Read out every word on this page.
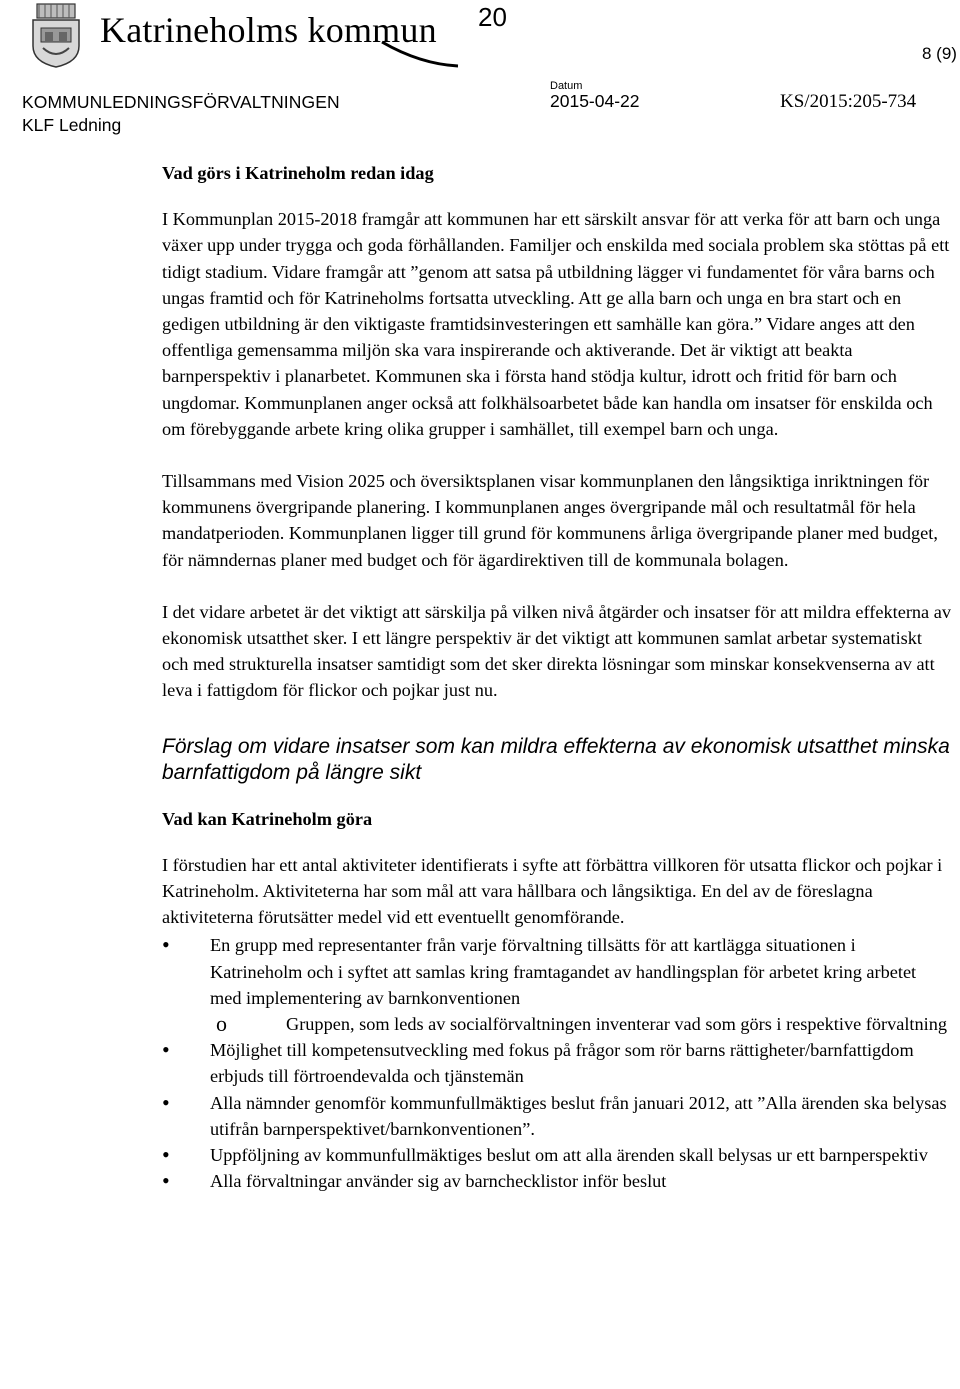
Katrineholms kommun 20
8 (9)
KOMMUNLEDNINGSFÖRVALTNINGEN
KLF Ledning
Datum
2015-04-22	KS/2015:205-734

Vad görs i Katrineholm redan idag

I Kommunplan 2015-2018 framgår att kommunen har ett särskilt ansvar för att verka för att barn och unga växer upp under trygga och goda förhållanden. Familjer och enskilda med sociala problem ska stöttas på ett tidigt stadium. Vidare framgår att ”genom att satsa på utbildning lägger vi fundamentet för våra barns och ungas framtid och för Katrineholms fortsatta utveckling. Att ge alla barn och unga en bra start och en gedigen utbildning är den viktigaste framtidsinvesteringen ett samhälle kan göra.” Vidare anges att den offentliga gemensamma miljön ska vara inspirerande och aktiverande. Det är viktigt att beakta barnperspektiv i planarbetet. Kommunen ska i första hand stödja kultur, idrott och fritid för barn och ungdomar. Kommunplanen anger också att folkhälsoarbetet både kan handla om insatser för enskilda och om förebyggande arbete kring olika grupper i samhället, till exempel barn och unga.

Tillsammans med Vision 2025 och översiktsplanen visar kommunplanen den långsiktiga inriktningen för kommunens övergripande planering. I kommunplanen anges övergripande mål och resultatmål för hela mandatperioden. Kommunplanen ligger till grund för kommunens årliga övergripande planer med budget, för nämndernas planer med budget och för ägardirektiven till de kommunala bolagen.

I det vidare arbetet är det viktigt att särskilja på vilken nivå åtgärder och insatser för att mildra effekterna av ekonomisk utsatthet sker. I ett längre perspektiv är det viktigt att kommunen samlat arbetar systematiskt och med strukturella insatser samtidigt som det sker direkta lösningar som minskar konsekvenserna av att leva i fattigdom för flickor och pojkar just nu.

Förslag om vidare insatser som kan mildra effekterna av ekonomisk utsatthet minska barnfattigdom på längre sikt

Vad kan Katrineholm göra

I förstudien har ett antal aktiviteter identifierats i syfte att förbättra villkoren för utsatta flickor och pojkar i Katrineholm. Aktiviteterna har som mål att vara hållbara och långsiktiga. En del av de föreslagna aktiviteterna förutsätter medel vid ett eventuellt genomförande.

• En grupp med representanter från varje förvaltning tillsätts för att kartlägga situationen i Katrineholm och i syftet att samlas kring framtagandet av handlingsplan för arbetet kring arbetet med implementering av barnkonventionen
o Gruppen, som leds av socialförvaltningen inventerar vad som görs i respektive förvaltning
• Möjlighet till kompetensutveckling med fokus på frågor som rör barns rättigheter/barnfattigdom erbjuds till förtroendevalda och tjänstemän
• Alla nämnder genomför kommunfullmäktiges beslut från januari 2012, att ”Alla ärenden ska belysas utifrån barnperspektivet/barnkonventionen”.
• Uppföljning av kommunfullmäktiges beslut om att alla ärenden skall belysas ur ett barnperspektiv
• Alla förvaltningar använder sig av barnchecklistor inför beslut
